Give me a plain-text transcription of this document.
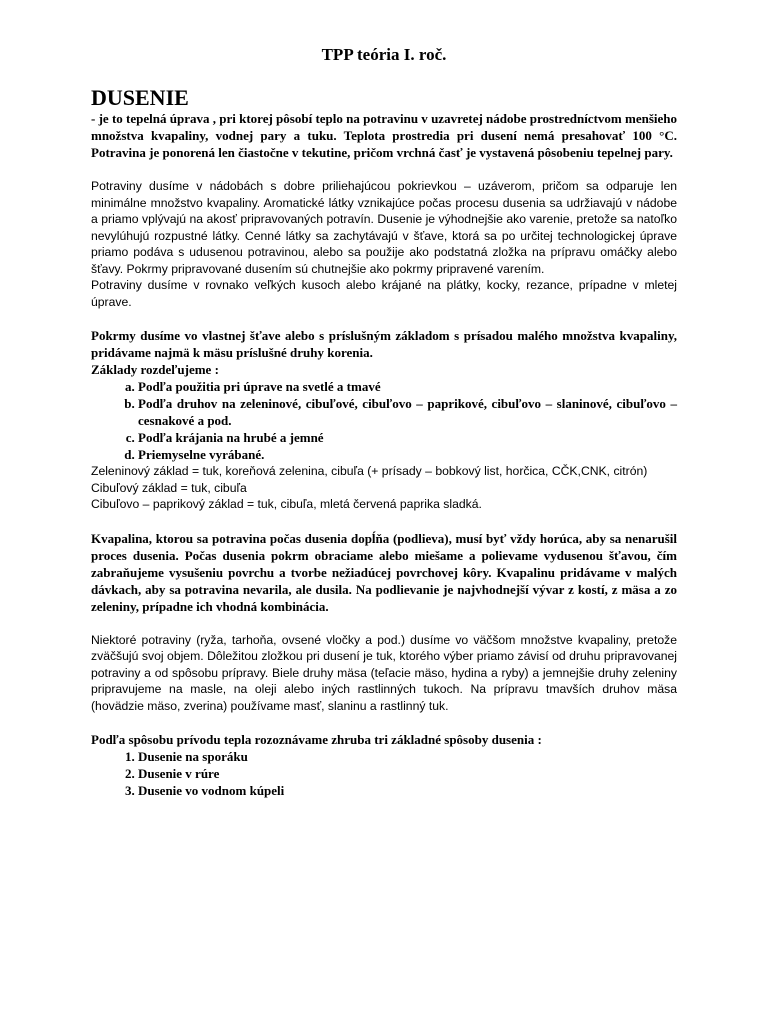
TPP teória I. roč.
DUSENIE

- je to tepelná úprava , pri ktorej pôsobí teplo na potravinu v uzavretej nádobe prostredníctvom menšieho množstva kvapaliny, vodnej pary a tuku. Teplota prostredia pri dusení nemá presahovať 100 °C. Potravina je ponorená len čiastočne v tekutine, pričom vrchná časť je vystavená pôsobeniu tepelnej pary.

Potraviny dusíme v nádobách s dobre priliehajúcou pokrievkou – uzáverom, pričom sa odparuje len minimálne množstvo kvapaliny. Aromatické látky vznikajúce počas procesu dusenia sa udržiavajú v nádobe a priamo vplývajú na akosť pripravovaných potravín. Dusenie je výhodnejšie ako varenie, pretože sa natoľko nevylúhujú rozpustné látky. Cenné látky sa zachytávajú v šťave, ktorá sa po určitej technologickej úprave priamo podáva s udusenou potravinou, alebo sa použije ako podstatná zložka na prípravu omáčky alebo šťavy. Pokrmy pripravované dusením sú chutnejšie ako pokrmy pripravené varením.

Potraviny dusíme v rovnako veľkých kusoch alebo krájané na plátky, kocky, rezance, prípadne v mletej úprave.

Pokrmy dusíme vo vlastnej šťave alebo s príslušným základom s prísadou malého množstva kvapaliny, pridávame najmä k mäsu príslušné druhy korenia.

Základy rozdeľujeme :

a. Podľa použitia pri úprave na svetlé a tmavé
b. Podľa druhov na zeleninové, cibuľové, cibuľovo – paprikové, cibuľovo – slaninové, cibuľovo – cesnakové a pod.
c. Podľa krájania na hrubé a jemné
d. Priemyselne vyrábané.

Zeleninový základ = tuk, koreňová zelenina, cibuľa (+ prísady – bobkový list, horčica, CČK,CNK, citrón)

Cibuľový základ = tuk, cibuľa

Cibuľovo – paprikový základ = tuk, cibuľa, mletá červená paprika sladká.

Kvapalina, ktorou sa potravina počas dusenia dopĺňa (podlieva), musí byť vždy horúca, aby sa nenarušil proces dusenia. Počas dusenia pokrm obraciame alebo miešame a polievame vydusenou šťavou, čím zabraňujeme vysušeniu povrchu a tvorbe nežiadúcej povrchovej kôry. Kvapalinu pridávame v malých dávkach, aby sa potravina nevarila, ale dusila. Na podlievanie je najvhodnejší vývar z kostí, z mäsa a zo zeleniny, prípadne ich vhodná kombinácia.

Niektoré potraviny (ryža, tarhoňa, ovsené vločky a pod.) dusíme vo väčšom množstve kvapaliny, pretože zväčšujú svoj objem. Dôležitou zložkou pri dusení je tuk, ktorého výber priamo závisí od druhu pripravovanej potraviny a od spôsobu prípravy. Biele druhy mäsa (teľacie mäso, hydina a ryby) a jemnejšie druhy zeleniny pripravujeme na masle, na oleji alebo iných rastlinných tukoch. Na prípravu tmavších druhov mäsa (hovädzie mäso, zverina) používame masť, slaninu a rastlinný tuk.

Podľa spôsobu prívodu tepla rozoznávame zhruba tri základné spôsoby dusenia :

1. Dusenie na sporáku
2. Dusenie v rúre
3. Dusenie vo vodnom kúpeli
